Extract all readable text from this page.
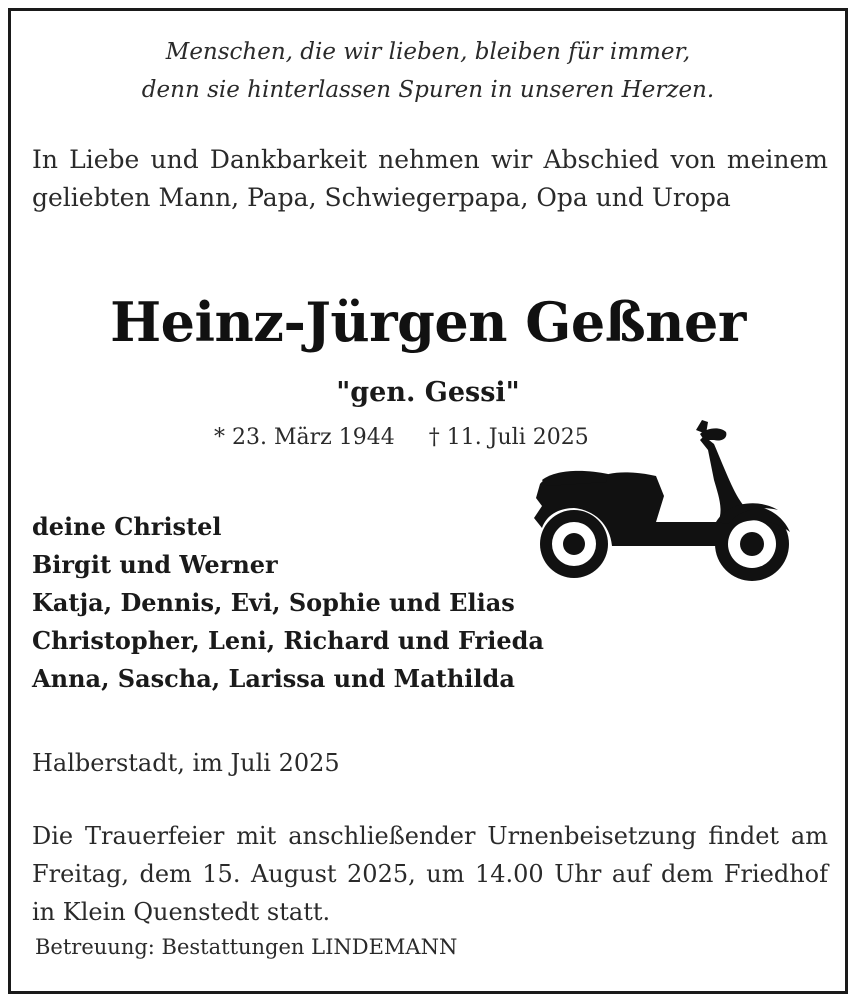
Menschen, die wir lieben, bleiben für immer,
denn sie hinterlassen Spuren in unseren Herzen.
In Liebe und Dankbarkeit nehmen wir Abschied von meinem geliebten Mann, Papa, Schwiegerpapa, Opa und Uropa
Heinz-Jürgen Geßner
"gen. Gessi"
* 23. März 1944 † 11. Juli 2025
deine Christel
Birgit und Werner
Katja, Dennis, Evi, Sophie und Elias
Christopher, Leni, Richard und Frieda
Anna, Sascha, Larissa und Mathilda
Halberstadt, im Juli 2025
Die Trauerfeier mit anschließender Urnenbeisetzung findet am Freitag, dem 15. August 2025, um 14.00 Uhr auf dem Friedhof in Klein Quenstedt statt.
Betreuung: Bestattungen LINDEMANN
